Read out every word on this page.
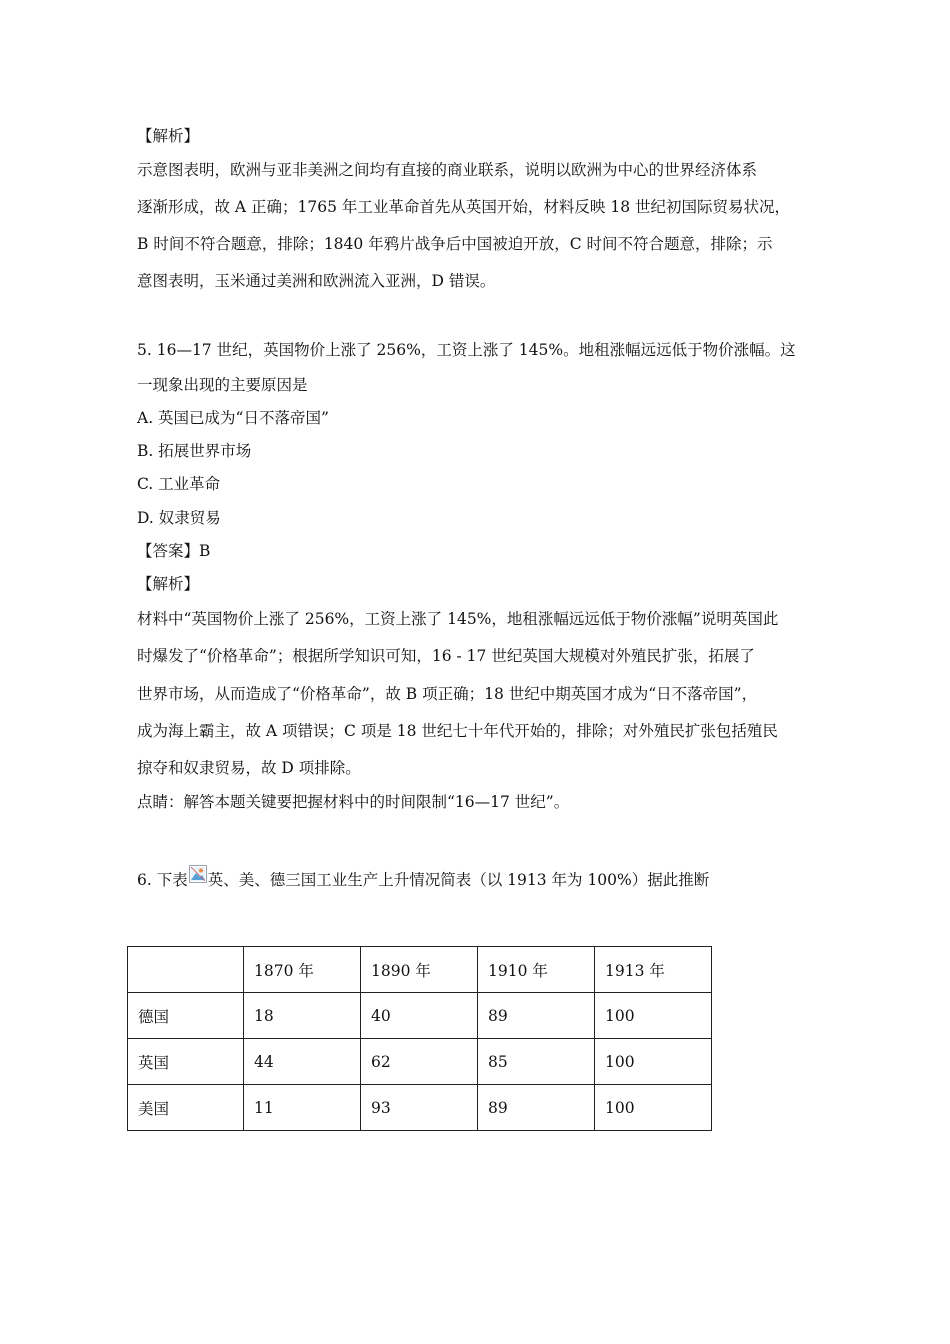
【解析】
示意图表明，欧洲与亚非美洲之间均有直接的商业联系，说明以欧洲为中心的世界经济体系
逐渐形成，故 A 正确；1765 年工业革命首先从英国开始，材料反映 18 世纪初国际贸易状况，
B 时间不符合题意，排除；1840 年鸦片战争后中国被迫开放，C 时间不符合题意，排除；示
意图表明，玉米通过美洲和欧洲流入亚洲，D 错误。
5. 16—17 世纪，英国物价上涨了 256%，工资上涨了 145%。地租涨幅远远低于物价涨幅。这
一现象出现的主要原因是
A. 英国已成为“日不落帝国”
B. 拓展世界市场
C. 工业革命
D. 奴隶贸易
【答案】B
【解析】
材料中“英国物价上涨了 256%，工资上涨了 145%，地租涨幅远远低于物价涨幅”说明英国此
时爆发了“价格革命”；根据所学知识可知，16 - 17 世纪英国大规模对外殖民扩张，拓展了
世界市场，从而造成了“价格革命”，故 B 项正确；18 世纪中期英国才成为“日不落帝国”，
成为海上霸主，故 A 项错误；C 项是 18 世纪七十年代开始的，排除；对外殖民扩张包括殖民
掠夺和奴隶贸易，故 D 项排除。
点睛：解答本题关键要把握材料中的时间限制“16—17 世纪”。
6. 下表 英、美、德三国工业生产上升情况简表（以 1913 年为 100%）据此推断
	1870 年	1890 年	1910 年	1913 年
德国	18	40	89	100
英国	44	62	85	100
美国	11	93	89	100
